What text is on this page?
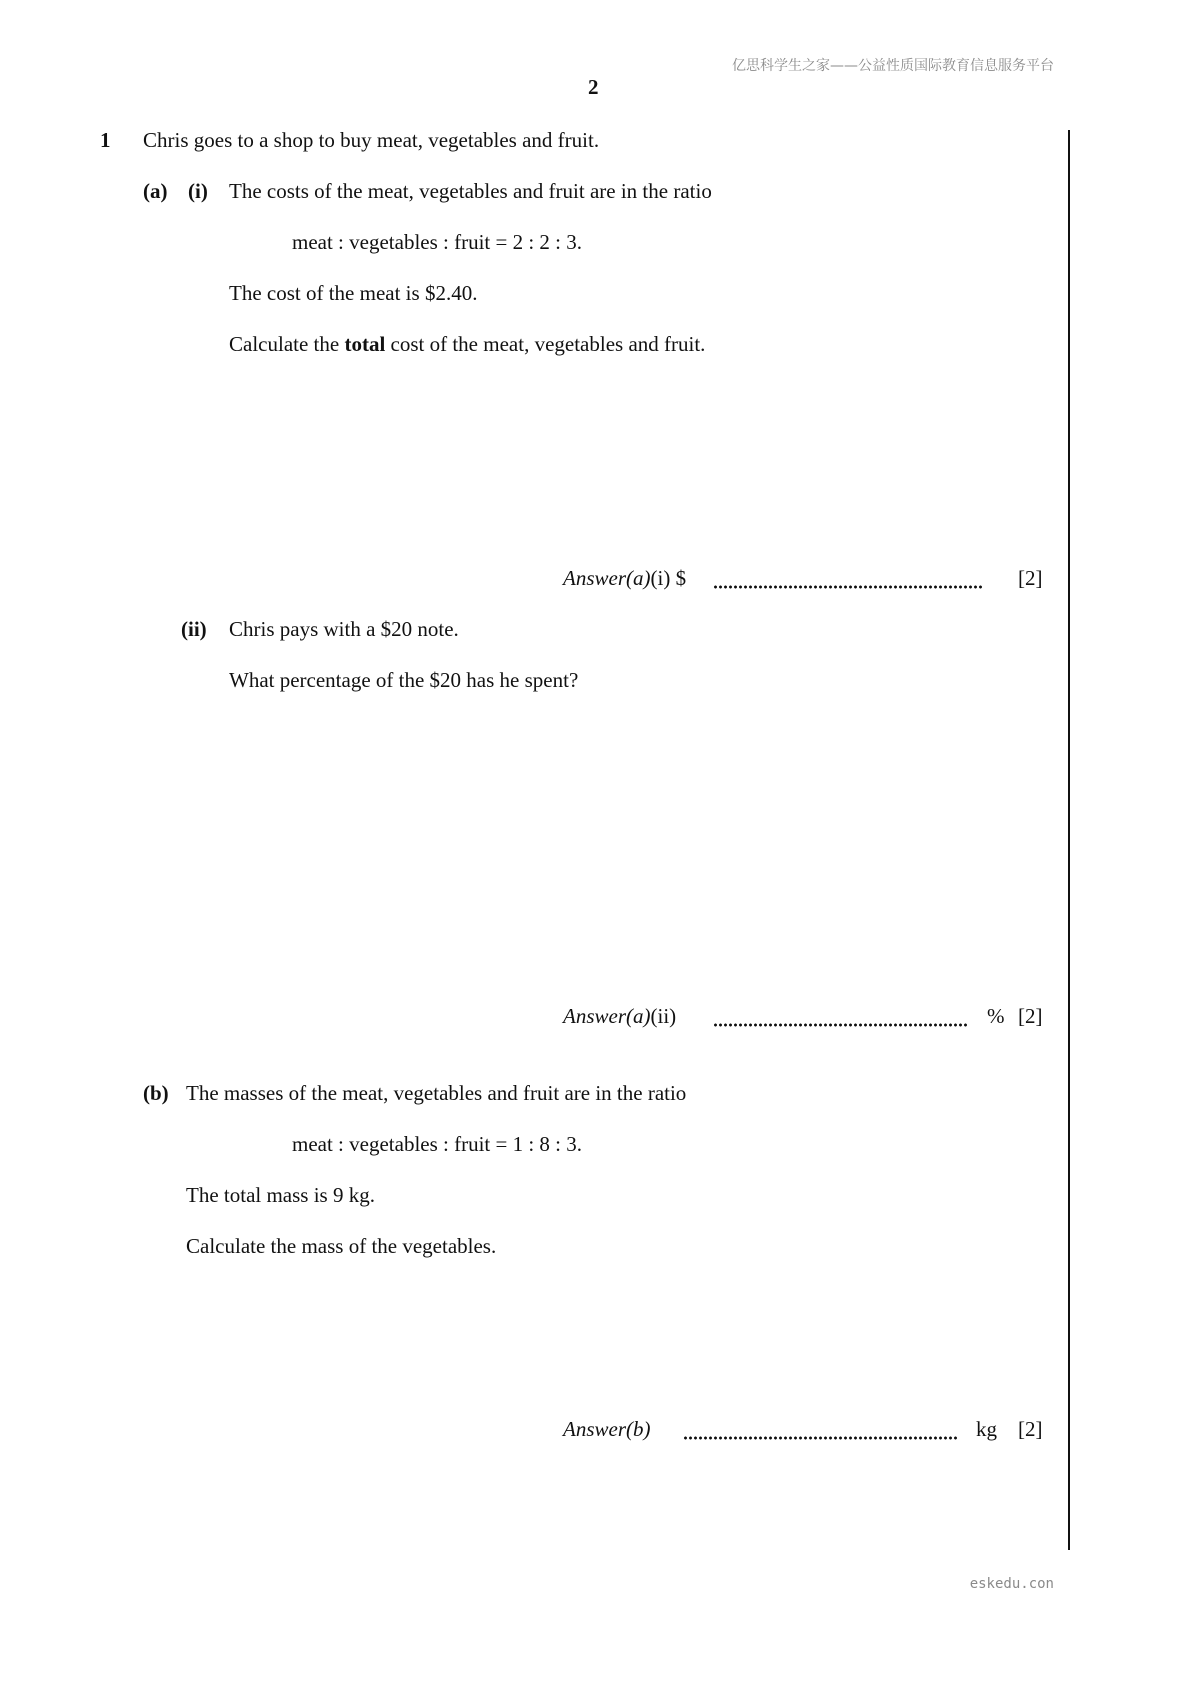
亿思科学生之家——公益性质国际教育信息服务平台
2
1 Chris goes to a shop to buy meat, vegetables and fruit.
(a) (i) The costs of the meat, vegetables and fruit are in the ratio
meat : vegetables : fruit = 2 : 2 : 3.
The cost of the meat is $2.40.
Calculate the total cost of the meat, vegetables and fruit.
Answer(a)(i) $	[2]
(ii) Chris pays with a $20 note.
What percentage of the $20 has he spent?
Answer(a)(ii)	% [2]
(b) The masses of the meat, vegetables and fruit are in the ratio
meat : vegetables : fruit = 1 : 8 : 3.
The total mass is 9 kg.
Calculate the mass of the vegetables.
Answer(b)	kg [2]
eskedu.con
